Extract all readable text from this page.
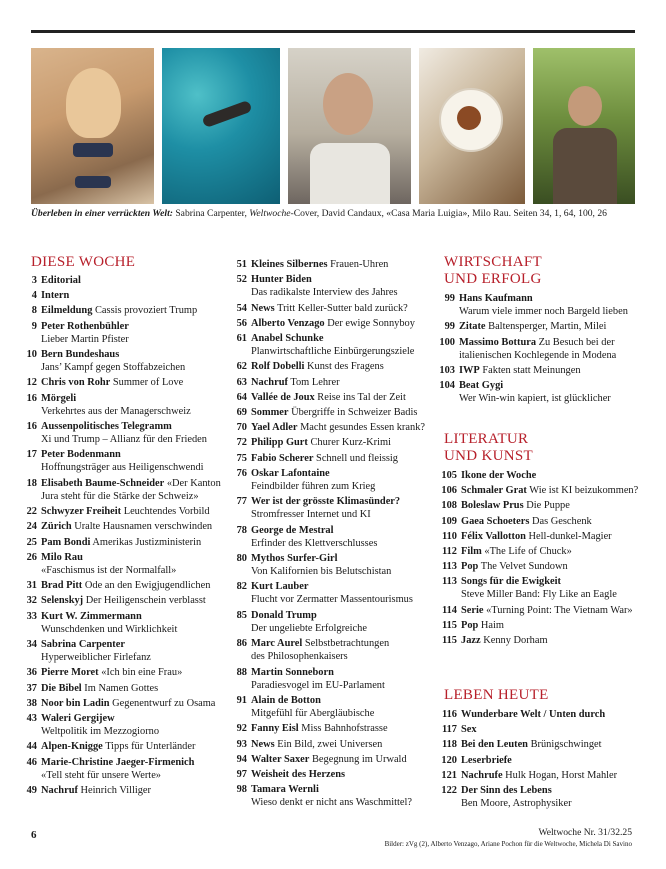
Überleben in einer verrückten Welt: Sabrina Carpenter, Weltwoche-Cover, David Candaux, «Casa Maria Luigia», Milo Rau. Seiten 34, 1, 64, 100, 26
DIESE WOCHE
3 Editorial
4 Intern
8 Eilmeldung Cassis provoziert Trump
9 Peter Rothenbühler
Lieber Martin Pfister
10 Bern Bundeshaus
Jans’ Kampf gegen Stoffabzeichen
12 Chris von Rohr Summer of Love
16 Mörgeli
Verkehrtes aus der Managerschweiz
16 Aussenpolitisches Telegramm
Xi und Trump – Allianz für den Frieden
17 Peter Bodenmann
Hoffnungsträger aus Heiligenschwendi
18 Elisabeth Baume-Schneider «Der Kanton
Jura steht für die Stärke der Schweiz»
22 Schwyzer Freiheit Leuchtendes Vorbild
24 Zürich Uralte Hausnamen verschwinden
25 Pam Bondi Amerikas Justizministerin
26 Milo Rau
«Faschismus ist der Normalfall»
31 Brad Pitt Ode an den Ewigjugendlichen
32 Selenskyj Der Heiligenschein verblasst
33 Kurt W. Zimmermann
Wunschdenken und Wirklichkeit
34 Sabrina Carpenter
Hyperweiblicher Firlefanz
36 Pierre Moret «Ich bin eine Frau»
37 Die Bibel Im Namen Gottes
38 Noor bin Ladin Gegenentwurf zu Osama
43 Waleri Gergijew
Weltpolitik im Mezzogiorno
44 Alpen-Knigge Tipps für Unterländer
46 Marie-Christine Jaeger-Firmenich
«Tell steht für unsere Werte»
49 Nachruf Heinrich Villiger
51 Kleines Silbernes Frauen-Uhren
52 Hunter Biden
Das radikalste Interview des Jahres
54 News Tritt Keller-Sutter bald zurück?
56 Alberto Venzago Der ewige Sonnyboy
61 Anabel Schunke
Planwirtschaftliche Einbürgerungsziele
62 Rolf Dobelli Kunst des Fragens
63 Nachruf Tom Lehrer
64 Vallée de Joux Reise ins Tal der Zeit
69 Sommer Übergriffe in Schweizer Badis
70 Yael Adler Macht gesundes Essen krank?
72 Philipp Gurt Churer Kurz-Krimi
75 Fabio Scherer Schnell und fleissig
76 Oskar Lafontaine
Feindbilder führen zum Krieg
77 Wer ist der grösste Klimasünder?
Stromfresser Internet und KI
78 George de Mestral
Erfinder des Klettverschlusses
80 Mythos Surfer-Girl
Von Kalifornien bis Belutschistan
82 Kurt Lauber
Flucht vor Zermatter Massentourismus
85 Donald Trump
Der ungeliebte Erfolgreiche
86 Marc Aurel Selbstbetrachtungen
des Philosophenkaisers
88 Martin Sonneborn
Paradiesvogel im EU-Parlament
91 Alain de Botton
Mitgefühl für Abergläubische
92 Fanny Eisl Miss Bahnhofstrasse
93 News Ein Bild, zwei Universen
94 Walter Saxer Begegnung im Urwald
97 Weisheit des Herzens
98 Tamara Wernli
Wieso denkt er nicht ans Waschmittel?
WIRTSCHAFT
UND ERFOLG
99 Hans Kaufmann
Warum viele immer noch Bargeld lieben
99 Zitate Baltensperger, Martin, Milei
100 Massimo Bottura Zu Besuch bei der
italienischen Kochlegende in Modena
103 IWP Fakten statt Meinungen
104 Beat Gygi
Wer Win-win kapiert, ist glücklicher
LITERATUR
UND KUNST
105 Ikone der Woche
106 Schmaler Grat Wie ist KI beizukommen?
108 Boleslaw Prus Die Puppe
109 Gaea Schoeters Das Geschenk
110 Félix Vallotton Hell-dunkel-Magier
112 Film «The Life of Chuck»
113 Pop The Velvet Sundown
113 Songs für die Ewigkeit
Steve Miller Band: Fly Like an Eagle
114 Serie «Turning Point: The Vietnam War»
115 Pop Haim
115 Jazz Kenny Dorham
LEBEN HEUTE
116 Wunderbare Welt / Unten durch
117 Sex
118 Bei den Leuten Brünigschwinget
120 Leserbriefe
121 Nachrufe Hulk Hogan, Horst Mahler
122 Der Sinn des Lebens
Ben Moore, Astrophysiker
6	Weltwoche Nr. 31/32.25
Bilder: zVg (2), Alberto Venzago, Ariane Pochon für die Weltwoche, Michela Di Savino
